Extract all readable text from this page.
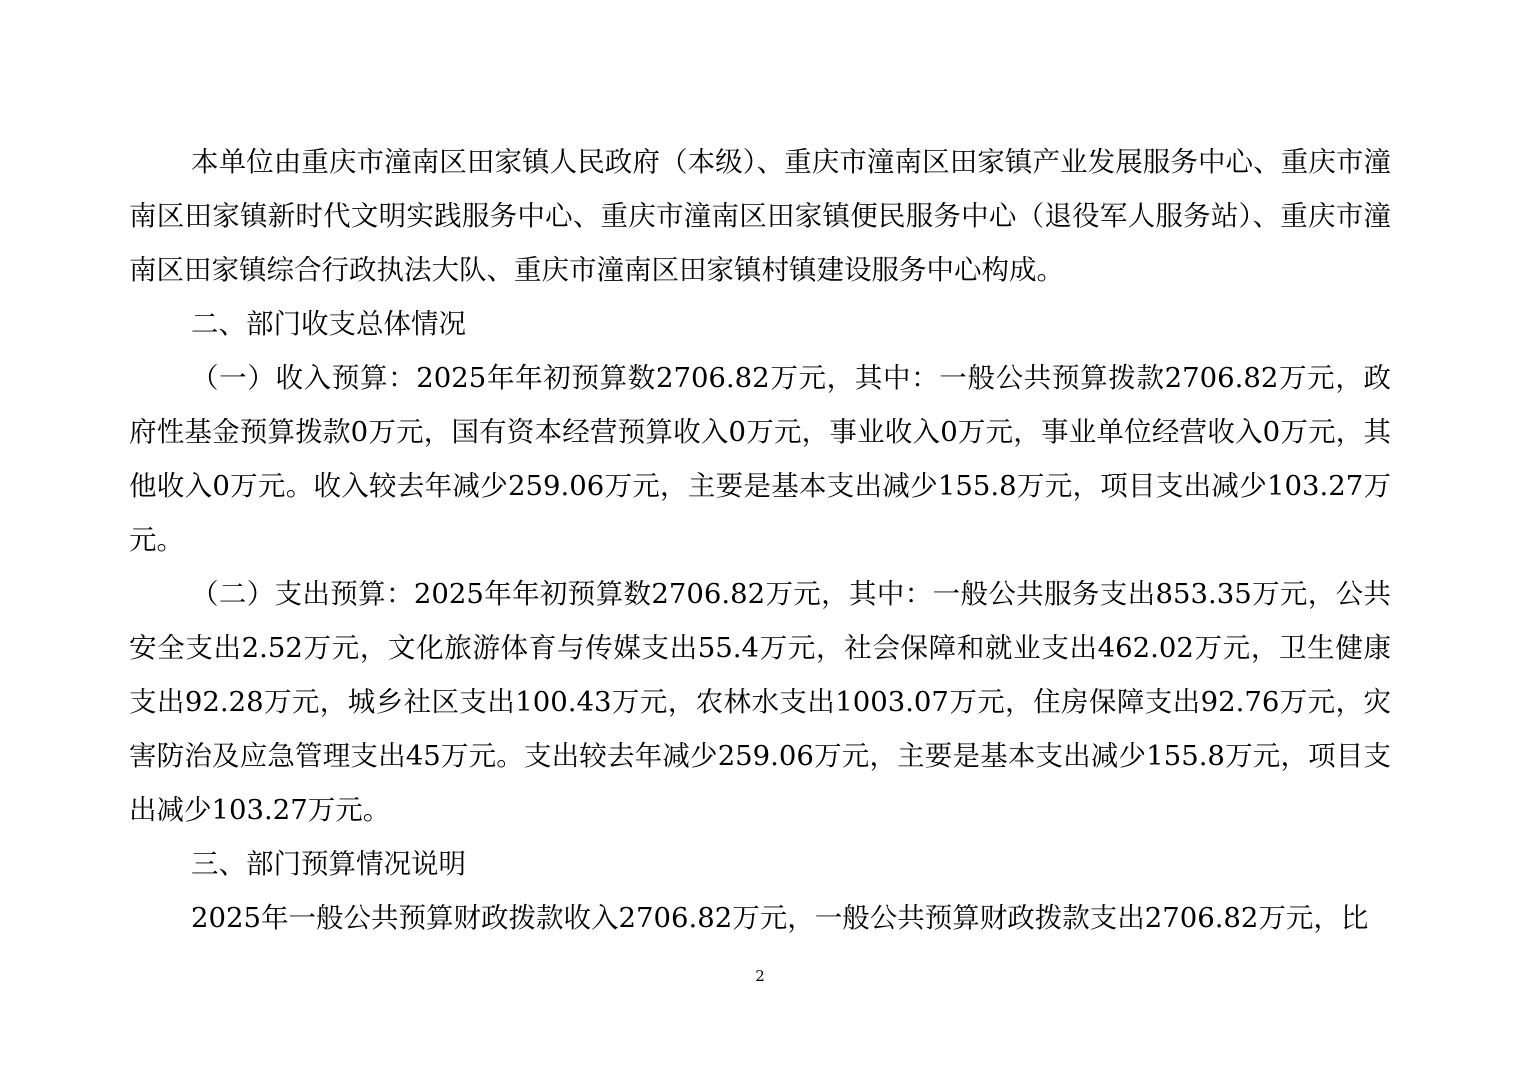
本单位由重庆市潼南区田家镇人民政府（本级）、重庆市潼南区田家镇产业发展服务中心、重庆市潼南区田家镇新时代文明实践服务中心、重庆市潼南区田家镇便民服务中心（退役军人服务站）、重庆市潼南区田家镇综合行政执法大队、重庆市潼南区田家镇村镇建设服务中心构成。

二、部门收支总体情况

（一）收入预算：2025年年初预算数2706.82万元，其中：一般公共预算拨款2706.82万元，政府性基金预算拨款0万元，国有资本经营预算收入0万元，事业收入0万元，事业单位经营收入0万元，其他收入0万元。收入较去年减少259.06万元，主要是基本支出减少155.8万元，项目支出减少103.27万元。

（二）支出预算：2025年年初预算数2706.82万元，其中：一般公共服务支出853.35万元，公共安全支出2.52万元，文化旅游体育与传媒支出55.4万元，社会保障和就业支出462.02万元，卫生健康支出92.28万元，城乡社区支出100.43万元，农林水支出1003.07万元，住房保障支出92.76万元，灾害防治及应急管理支出45万元。支出较去年减少259.06万元，主要是基本支出减少155.8万元，项目支出减少103.27万元。

三、部门预算情况说明

2025年一般公共预算财政拨款收入2706.82万元，一般公共预算财政拨款支出2706.82万元，比

2
